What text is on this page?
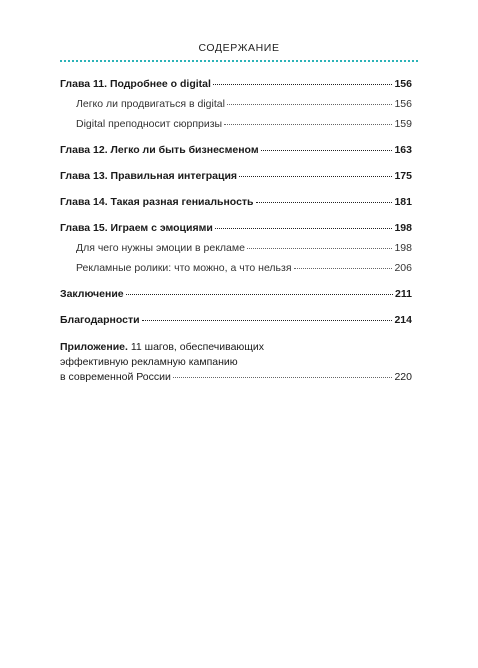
СОДЕРЖАНИЕ
Глава 11. Подробнее о digital	156
Легко ли продвигаться в digital	156
Digital преподносит сюрпризы	159
Глава 12. Легко ли быть бизнесменом	163
Глава 13. Правильная интеграция	175
Глава 14. Такая разная гениальность	181
Глава 15. Играем с эмоциями	198
Для чего нужны эмоции в рекламе	198
Рекламные ролики: что можно, а что нельзя	206
Заключение	211
Благодарности	214
Приложение. 11 шагов, обеспечивающих
эффективную рекламную кампанию
в современной России	220
